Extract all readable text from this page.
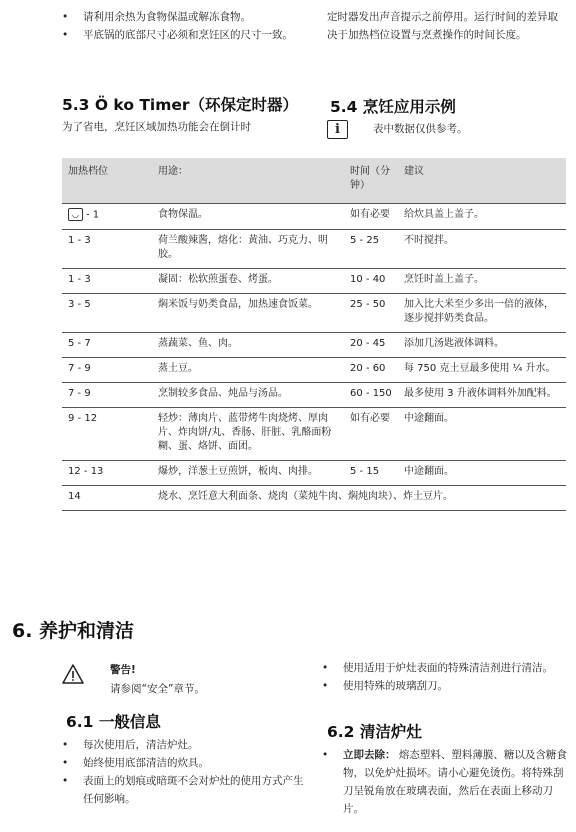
•	请利用余热为食物保温或解冻食物。
•	平底锅的底部尺寸必须和烹饪区的尺寸一致。
定时器发出声音提示之前停用。运行时间的差异取决于加热档位设置与烹煮操作的时间长度。
5.3 Ö ko Timer（环保定时器）
为了省电，烹饪区域加热功能会在倒计时
5.4 烹饪应用示例
i	表中数据仅供参考。
加热档位	用途：	时间（分钟）	建议
◡ - 1	食物保温。	如有必要	给炊具盖上盖子。
1 - 3	荷兰酸辣酱，熔化：黄油、巧克力、明胶。	5 - 25	不时搅拌。
1 - 3	凝固：松软煎蛋卷、烤蛋。	10 - 40	烹饪时盖上盖子。
3 - 5	焖米饭与奶类食品，加热速食饭菜。	25 - 50	加入比大米至少多出一倍的液体，逐步搅拌奶类食品。
5 - 7	蒸蔬菜、鱼、肉。	20 - 45	添加几汤匙液体调料。
7 - 9	蒸土豆。	20 - 60	每 750 克土豆最多使用 ¼ 升水。
7 - 9	烹制较多食品、炖品与汤品。	60 - 150	最多使用 3 升液体调料外加配料。
9 - 12	轻炒：薄肉片、蓝带烤牛肉烧烤、厚肉片、炸肉饼/丸、香肠、肝脏、乳酪面粉糊、蛋、烙饼、面团。	如有必要	中途翻面。
12 - 13	爆炒，洋葱土豆煎饼，板肉、肉排。	5 - 15	中途翻面。
14	烧水、烹饪意大利面条、烧肉（菜炖牛肉、焖炖肉块）、炸土豆片。		
6. 养护和清洁
警告!
请参阅“安全”章节。
6.1 一般信息
•	每次使用后，清洁炉灶。
•	始终使用底部清洁的炊具。
•	表面上的划痕或暗斑不会对炉灶的使用方式产生任何影响。
•	使用适用于炉灶表面的特殊清洁剂进行清洁。
•	使用特殊的玻璃刮刀。
6.2 清洁炉灶
•	立即去除： 熔态塑料、塑料薄膜、糖以及含糖食物，以免炉灶损坏。请小心避免烫伤。将特殊刮刀呈锐角放在玻璃表面，然后在表面上移动刀片。
